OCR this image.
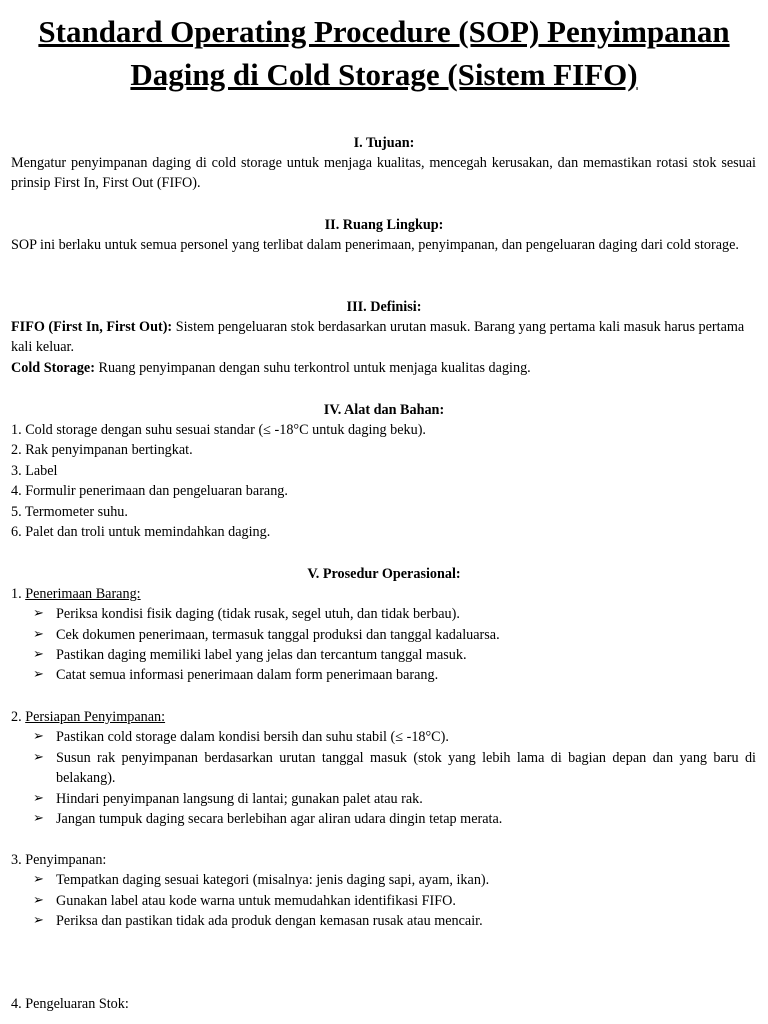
Standard Operating Procedure (SOP) Penyimpanan
Daging di Cold Storage (Sistem FIFO)
I. Tujuan:
Mengatur penyimpanan daging di cold storage untuk menjaga kualitas, mencegah kerusakan, dan memastikan rotasi stok sesuai prinsip First In, First Out (FIFO).
II. Ruang Lingkup:
SOP ini berlaku untuk semua personel yang terlibat dalam penerimaan, penyimpanan, dan pengeluaran daging dari cold storage.
III. Definisi:
FIFO (First In, First Out): Sistem pengeluaran stok berdasarkan urutan masuk. Barang yang pertama kali masuk harus pertama kali keluar.
Cold Storage: Ruang penyimpanan dengan suhu terkontrol untuk menjaga kualitas daging.
IV. Alat dan Bahan:
1. Cold storage dengan suhu sesuai standar (≤ -18°C untuk daging beku).
2. Rak penyimpanan bertingkat.
3. Label
4. Formulir penerimaan dan pengeluaran barang.
5. Termometer suhu.
6. Palet dan troli untuk memindahkan daging.
V. Prosedur Operasional:
1. Penerimaan Barang:
➢ Periksa kondisi fisik daging (tidak rusak, segel utuh, dan tidak berbau).
➢ Cek dokumen penerimaan, termasuk tanggal produksi dan tanggal kadaluarsa.
➢ Pastikan daging memiliki label yang jelas dan tercantum tanggal masuk.
➢ Catat semua informasi penerimaan dalam form penerimaan barang.
2. Persiapan Penyimpanan:
➢ Pastikan cold storage dalam kondisi bersih dan suhu stabil (≤ -18°C).
➢ Susun rak penyimpanan berdasarkan urutan tanggal masuk (stok yang lebih lama di bagian depan dan yang baru di belakang).
➢ Hindari penyimpanan langsung di lantai; gunakan palet atau rak.
➢ Jangan tumpuk daging secara berlebihan agar aliran udara dingin tetap merata.
3. Penyimpanan:
➢ Tempatkan daging sesuai kategori (misalnya: jenis daging sapi, ayam, ikan).
➢ Gunakan label atau kode warna untuk memudahkan identifikasi FIFO.
➢ Periksa dan pastikan tidak ada produk dengan kemasan rusak atau mencair.
4. Pengeluaran Stok:
